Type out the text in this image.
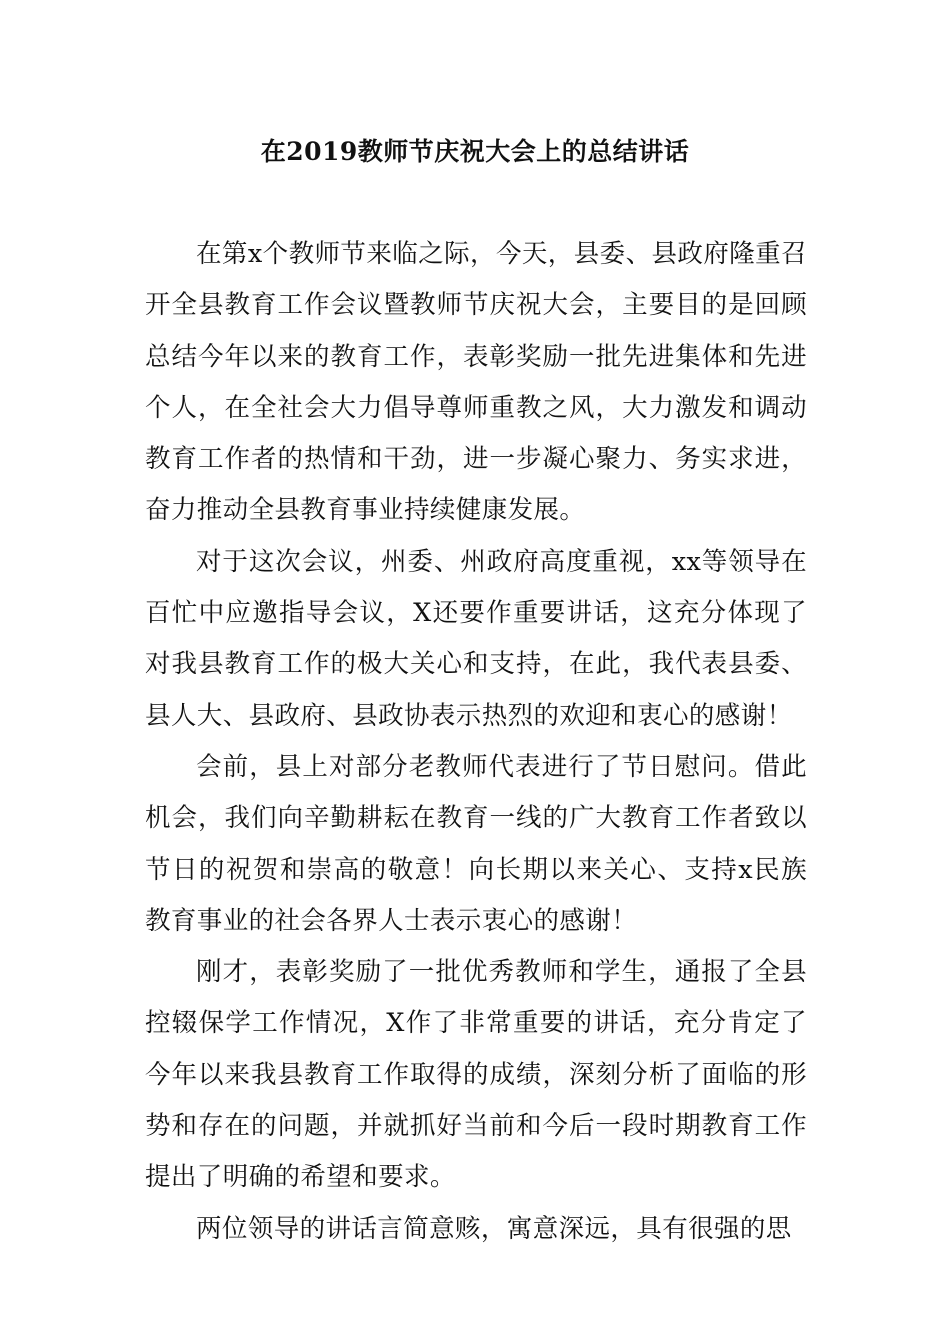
在2019教师节庆祝大会上的总结讲话

在第x个教师节来临之际，今天，县委、县政府隆重召开全县教育工作会议暨教师节庆祝大会，主要目的是回顾总结今年以来的教育工作，表彰奖励一批先进集体和先进个人，在全社会大力倡导尊师重教之风，大力激发和调动教育工作者的热情和干劲，进一步凝心聚力、务实求进，奋力推动全县教育事业持续健康发展。

对于这次会议，州委、州政府高度重视，xx等领导在百忙中应邀指导会议，X还要作重要讲话，这充分体现了对我县教育工作的极大关心和支持，在此，我代表县委、县人大、县政府、县政协表示热烈的欢迎和衷心的感谢！

会前，县上对部分老教师代表进行了节日慰问。借此机会，我们向辛勤耕耘在教育一线的广大教育工作者致以节日的祝贺和崇高的敬意！向长期以来关心、支持x民族教育事业的社会各界人士表示衷心的感谢！

刚才，表彰奖励了一批优秀教师和学生，通报了全县控辍保学工作情况，X作了非常重要的讲话，充分肯定了今年以来我县教育工作取得的成绩，深刻分析了面临的形势和存在的问题，并就抓好当前和今后一段时期教育工作提出了明确的希望和要求。

两位领导的讲话言简意赅，寓意深远，具有很强的思
